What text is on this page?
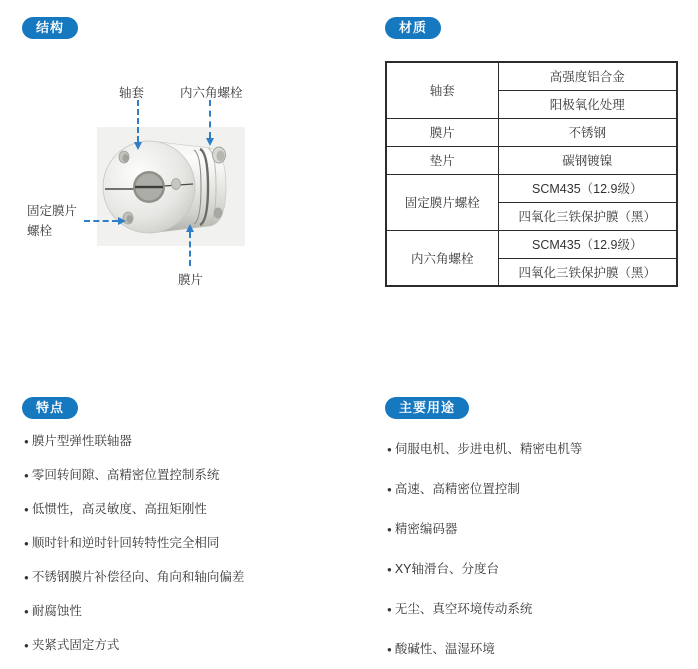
结构
轴套	内六角螺栓
固定膜片
螺栓
膜片
材质
轴套	高强度铝合金
	阳极氧化处理
膜片	不锈钢
垫片	碳钢镀镍
固定膜片螺栓	SCM435（12.9级）
	四氧化三铁保护膜（黑）
内六角螺栓	SCM435（12.9级）
	四氧化三铁保护膜（黑）
特点
● 膜片型弹性联轴器
● 零回转间隙、高精密位置控制系统
● 低惯性，高灵敏度、高扭矩刚性
● 顺时针和逆时针回转特性完全相同
● 不锈钢膜片补偿径向、角向和轴向偏差
● 耐腐蚀性
● 夹紧式固定方式
主要用途
● 伺服电机、步进电机、精密电机等
● 高速、高精密位置控制
● 精密编码器
● XY轴滑台、分度台
● 无尘、真空环境传动系统
● 酸碱性、温湿环境
